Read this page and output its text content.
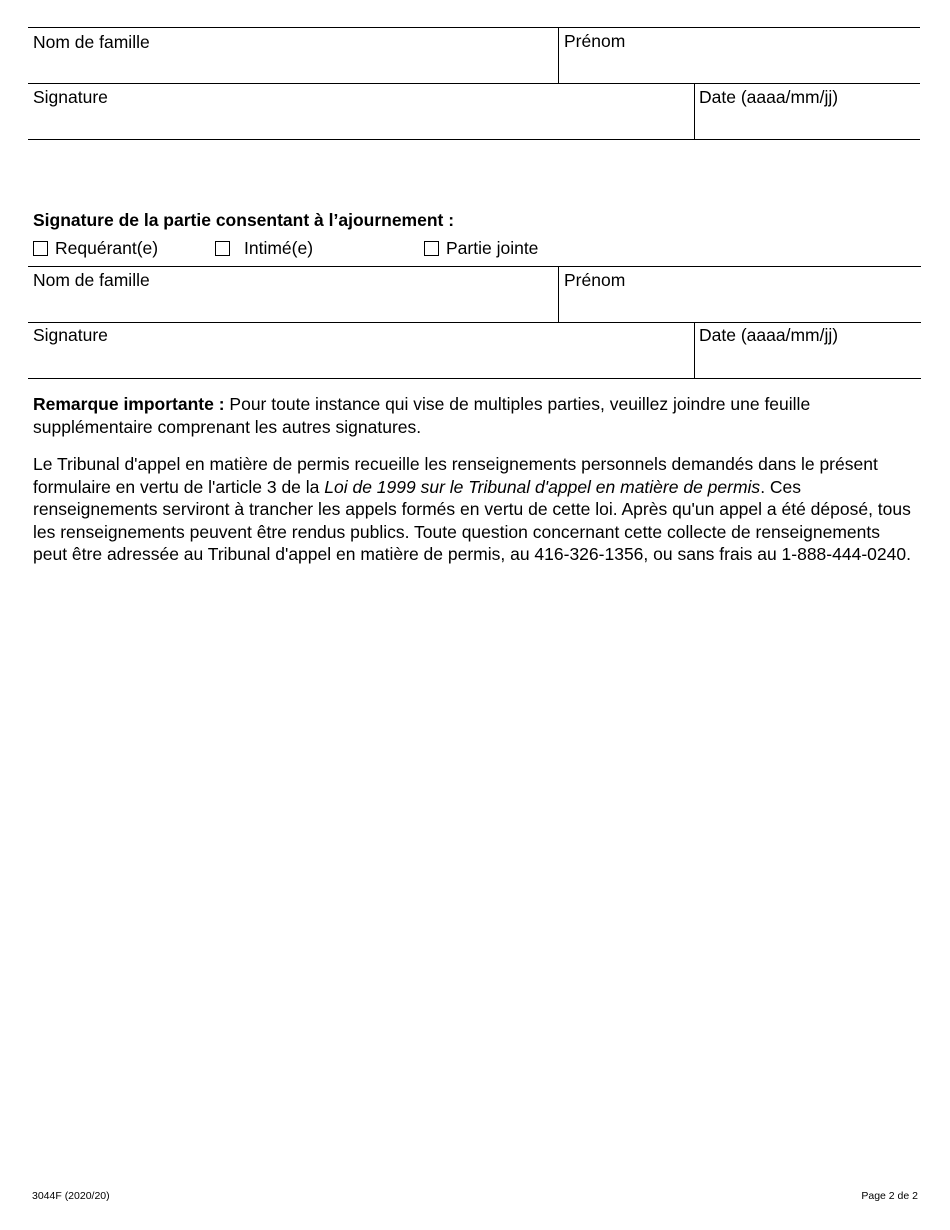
Nom de famille	Prénom
Signature	Date (aaaa/mm/jj)
Signature de la partie consentant à l’ajournement :
Requérant(e)	Intimé(e)	Partie jointe
Nom de famille	Prénom
Signature	Date (aaaa/mm/jj)

Remarque importante : Pour toute instance qui vise de multiples parties, veuillez joindre une feuille supplémentaire comprenant les autres signatures.

Le Tribunal d'appel en matière de permis recueille les renseignements personnels demandés dans le présent formulaire en vertu de l'article 3 de la Loi de 1999 sur le Tribunal d'appel en matière de permis. Ces renseignements serviront à trancher les appels formés en vertu de cette loi. Après qu'un appel a été déposé, tous les renseignements peuvent être rendus publics. Toute question concernant cette collecte de renseignements peut être adressée au Tribunal d'appel en matière de permis, au 416-326-1356, ou sans frais au 1-888-444-0240.

3044F (2020/20)	Page 2 de 2
